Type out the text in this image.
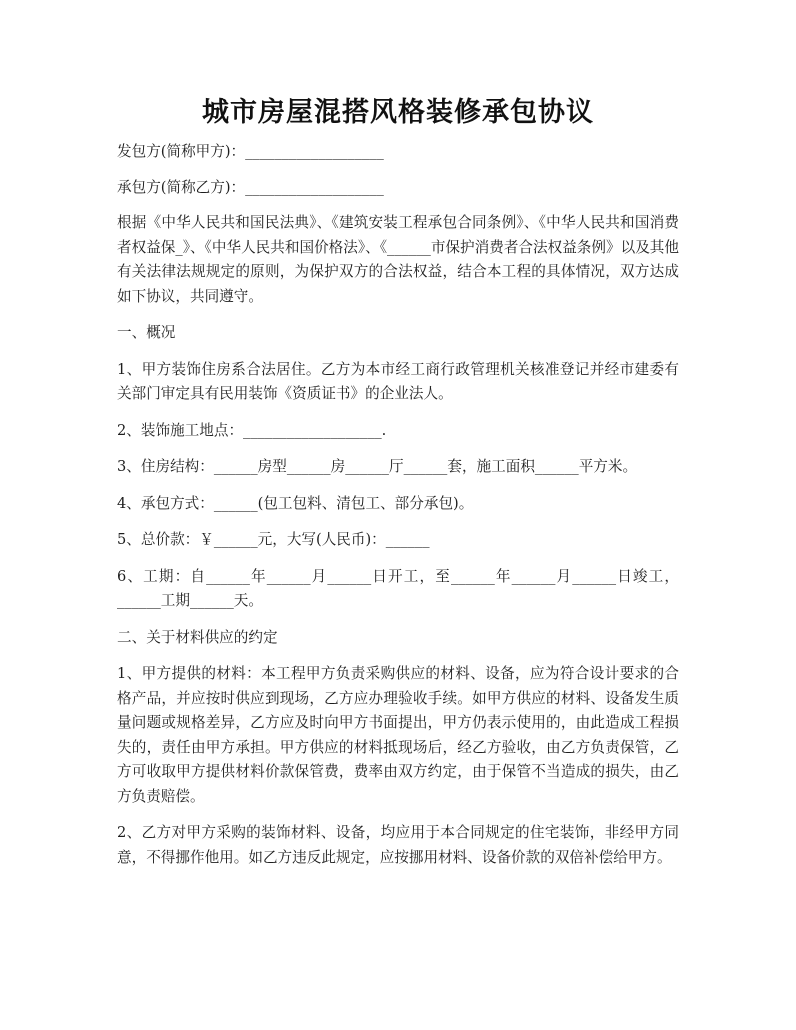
城市房屋混搭风格装修承包协议

发包方(简称甲方)：___________________

承包方(简称乙方)：___________________

根据《中华人民共和国民法典》、《建筑安装工程承包合同条例》、《中华人民共和国消费者权益保_》、《中华人民共和国价格法》、《______市保护消费者合法权益条例》以及其他有关法律法规规定的原则，为保护双方的合法权益，结合本工程的具体情况，双方达成如下协议，共同遵守。

一、概况

1、甲方装饰住房系合法居住。乙方为本市经工商行政管理机关核准登记并经市建委有关部门审定具有民用装饰《资质证书》的企业法人。

2、装饰施工地点：___________________.

3、住房结构：______房型______房______厅______套，施工面积______平方米。

4、承包方式：______(包工包料、清包工、部分承包)。

5、总价款：￥______元，大写(人民币)：______

6、工期：自______年______月______日开工，至______年______月______日竣工，______工期______天。

二、关于材料供应的约定

1、甲方提供的材料：本工程甲方负责采购供应的材料、设备，应为符合设计要求的合格产品，并应按时供应到现场，乙方应办理验收手续。如甲方供应的材料、设备发生质量问题或规格差异，乙方应及时向甲方书面提出，甲方仍表示使用的，由此造成工程损失的，责任由甲方承担。甲方供应的材料抵现场后，经乙方验收，由乙方负责保管，乙方可收取甲方提供材料价款保管费，费率由双方约定，由于保管不当造成的损失，由乙方负责赔偿。

2、乙方对甲方采购的装饰材料、设备，均应用于本合同规定的住宅装饰，非经甲方同意，不得挪作他用。如乙方违反此规定，应按挪用材料、设备价款的双倍补偿给甲方。
